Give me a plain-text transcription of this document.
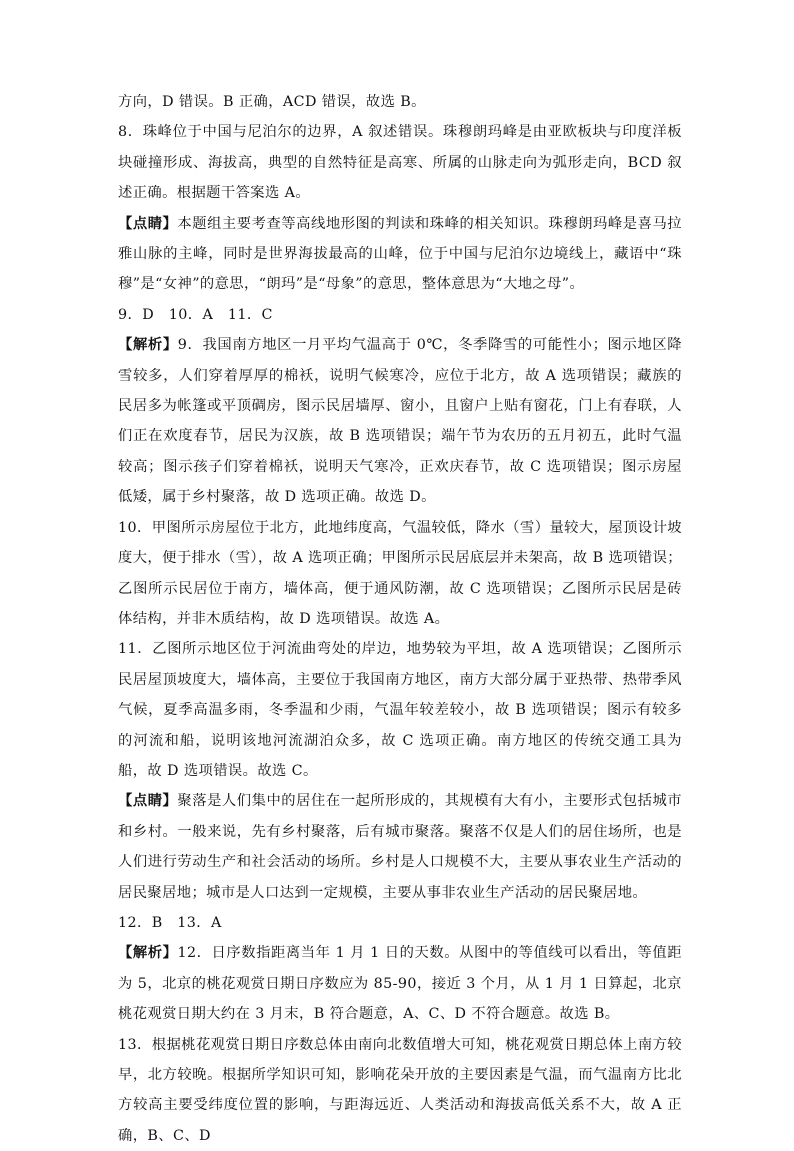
方向，D 错误。B 正确，ACD 错误，故选 B。

8．珠峰位于中国与尼泊尔的边界，A 叙述错误。珠穆朗玛峰是由亚欧板块与印度洋板块碰撞形成、海拔高，典型的自然特征是高寒、所属的山脉走向为弧形走向，BCD 叙述正确。根据题干答案选 A。

【点睛】本题组主要考查等高线地形图的判读和珠峰的相关知识。珠穆朗玛峰是喜马拉雅山脉的主峰，同时是世界海拔最高的山峰，位于中国与尼泊尔边境线上，藏语中“珠穆”是“女神”的意思，“朗玛”是“母象”的意思，整体意思为“大地之母”。

9．D　10．A　11．C

【解析】9．我国南方地区一月平均气温高于 0℃，冬季降雪的可能性小；图示地区降雪较多，人们穿着厚厚的棉袄，说明气候寒冷，应位于北方，故 A 选项错误；藏族的民居多为帐篷或平顶碉房，图示民居墙厚、窗小，且窗户上贴有窗花，门上有春联，人们正在欢度春节，居民为汉族，故 B 选项错误；端午节为农历的五月初五，此时气温较高；图示孩子们穿着棉袄，说明天气寒冷，正欢庆春节，故 C 选项错误；图示房屋低矮，属于乡村聚落，故 D 选项正确。故选 D。

10．甲图所示房屋位于北方，此地纬度高，气温较低，降水（雪）量较大，屋顶设计坡度大，便于排水（雪），故 A 选项正确；甲图所示民居底层并未架高，故 B 选项错误；乙图所示民居位于南方，墙体高，便于通风防潮，故 C 选项错误；乙图所示民居是砖体结构，并非木质结构，故 D 选项错误。故选 A。

11．乙图所示地区位于河流曲弯处的岸边，地势较为平坦，故 A 选项错误；乙图所示民居屋顶坡度大，墙体高，主要位于我国南方地区，南方大部分属于亚热带、热带季风气候，夏季高温多雨，冬季温和少雨，气温年较差较小，故 B 选项错误；图示有较多的河流和船，说明该地河流湖泊众多，故 C 选项正确。南方地区的传统交通工具为船，故 D 选项错误。故选 C。

【点睛】聚落是人们集中的居住在一起所形成的，其规模有大有小，主要形式包括城市和乡村。一般来说，先有乡村聚落，后有城市聚落。聚落不仅是人们的居住场所，也是人们进行劳动生产和社会活动的场所。乡村是人口规模不大，主要从事农业生产活动的居民聚居地；城市是人口达到一定规模，主要从事非农业生产活动的居民聚居地。

12．B　13．A

【解析】12．日序数指距离当年 1 月 1 日的天数。从图中的等值线可以看出，等值距为 5，北京的桃花观赏日期日序数应为 85-90，接近 3 个月，从 1 月 1 日算起，北京桃花观赏日期大约在 3 月末，B 符合题意，A、C、D 不符合题意。故选 B。

13．根据桃花观赏日期日序数总体由南向北数值增大可知，桃花观赏日期总体上南方较早，北方较晚。根据所学知识可知，影响花朵开放的主要因素是气温，而气温南方比北方较高主要受纬度位置的影响，与距海远近、人类活动和海拔高低关系不大，故 A 正确，B、C、D
